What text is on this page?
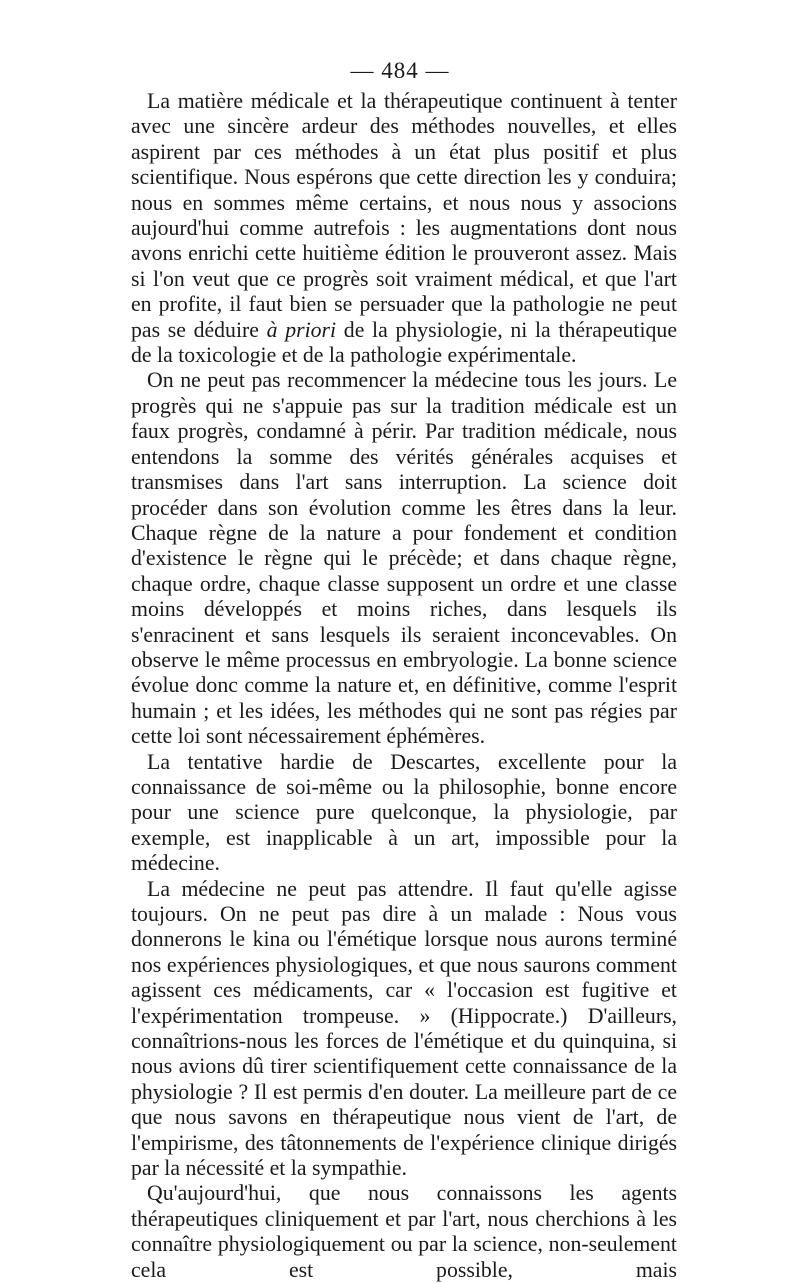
— 484 —

La matière médicale et la thérapeutique continuent à tenter avec une sincère ardeur des méthodes nouvelles, et elles aspirent par ces méthodes à un état plus positif et plus scientifique. Nous espérons que cette direction les y conduira; nous en sommes même certains, et nous nous y associons aujourd'hui comme autrefois : les augmentations dont nous avons enrichi cette huitième édition le prouveront assez. Mais si l'on veut que ce progrès soit vraiment médical, et que l'art en profite, il faut bien se persuader que la pathologie ne peut pas se déduire à priori de la physiologie, ni la thérapeutique de la toxicologie et de la pathologie expérimentale.

On ne peut pas recommencer la médecine tous les jours. Le progrès qui ne s'appuie pas sur la tradition médicale est un faux progrès, condamné à périr. Par tradition médicale, nous entendons la somme des vérités générales acquises et transmises dans l'art sans interruption. La science doit procéder dans son évolution comme les êtres dans la leur. Chaque règne de la nature a pour fondement et condition d'existence le règne qui le précède; et dans chaque règne, chaque ordre, chaque classe supposent un ordre et une classe moins développés et moins riches, dans lesquels ils s'enracinent et sans lesquels ils seraient inconcevables. On observe le même processus en embryologie. La bonne science évolue donc comme la nature et, en définitive, comme l'esprit humain ; et les idées, les méthodes qui ne sont pas régies par cette loi sont nécessairement éphémères.

La tentative hardie de Descartes, excellente pour la connaissance de soi-même ou la philosophie, bonne encore pour une science pure quelconque, la physiologie, par exemple, est inapplicable à un art, impossible pour la médecine.

La médecine ne peut pas attendre. Il faut qu'elle agisse toujours. On ne peut pas dire à un malade : Nous vous donnerons le kina ou l'émétique lorsque nous aurons terminé nos expériences physiologiques, et que nous saurons comment agissent ces médicaments, car « l'occasion est fugitive et l'expérimentation trompeuse. » (Hippocrate.) D'ailleurs, connaîtrions-nous les forces de l'émétique et du quinquina, si nous avions dû tirer scientifiquement cette connaissance de la physiologie ? Il est permis d'en douter. La meilleure part de ce que nous savons en thérapeutique nous vient de l'art, de l'empirisme, des tâtonnements de l'expérience clinique dirigés par la nécessité et la sympathie.

Qu'aujourd'hui, que nous connaissons les agents thérapeutiques cliniquement et par l'art, nous cherchions à les connaître physiologiquement ou par la science, non-seulement cela est possible, mais
